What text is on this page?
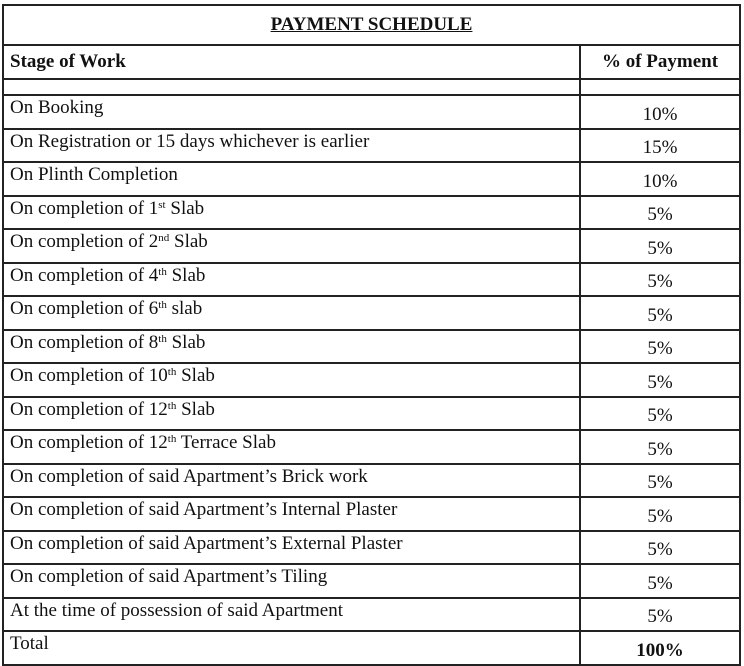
PAYMENT SCHEDULE	
Stage of Work	% of Payment

On Booking	10%
On Registration or 15 days whichever is earlier	15%
On Plinth Completion	10%
On completion of 1st Slab	5%
On completion of 2nd Slab	5%
On completion of 4th Slab	5%
On completion of 6th slab	5%
On completion of 8th Slab	5%
On completion of 10th Slab	5%
On completion of 12th Slab	5%
On completion of 12th Terrace Slab	5%
On completion of said Apartment’s Brick work	5%
On completion of said Apartment’s Internal Plaster	5%
On completion of said Apartment’s External Plaster	5%
On completion of said Apartment’s Tiling	5%
At the time of possession of said Apartment	5%
Total	100%
